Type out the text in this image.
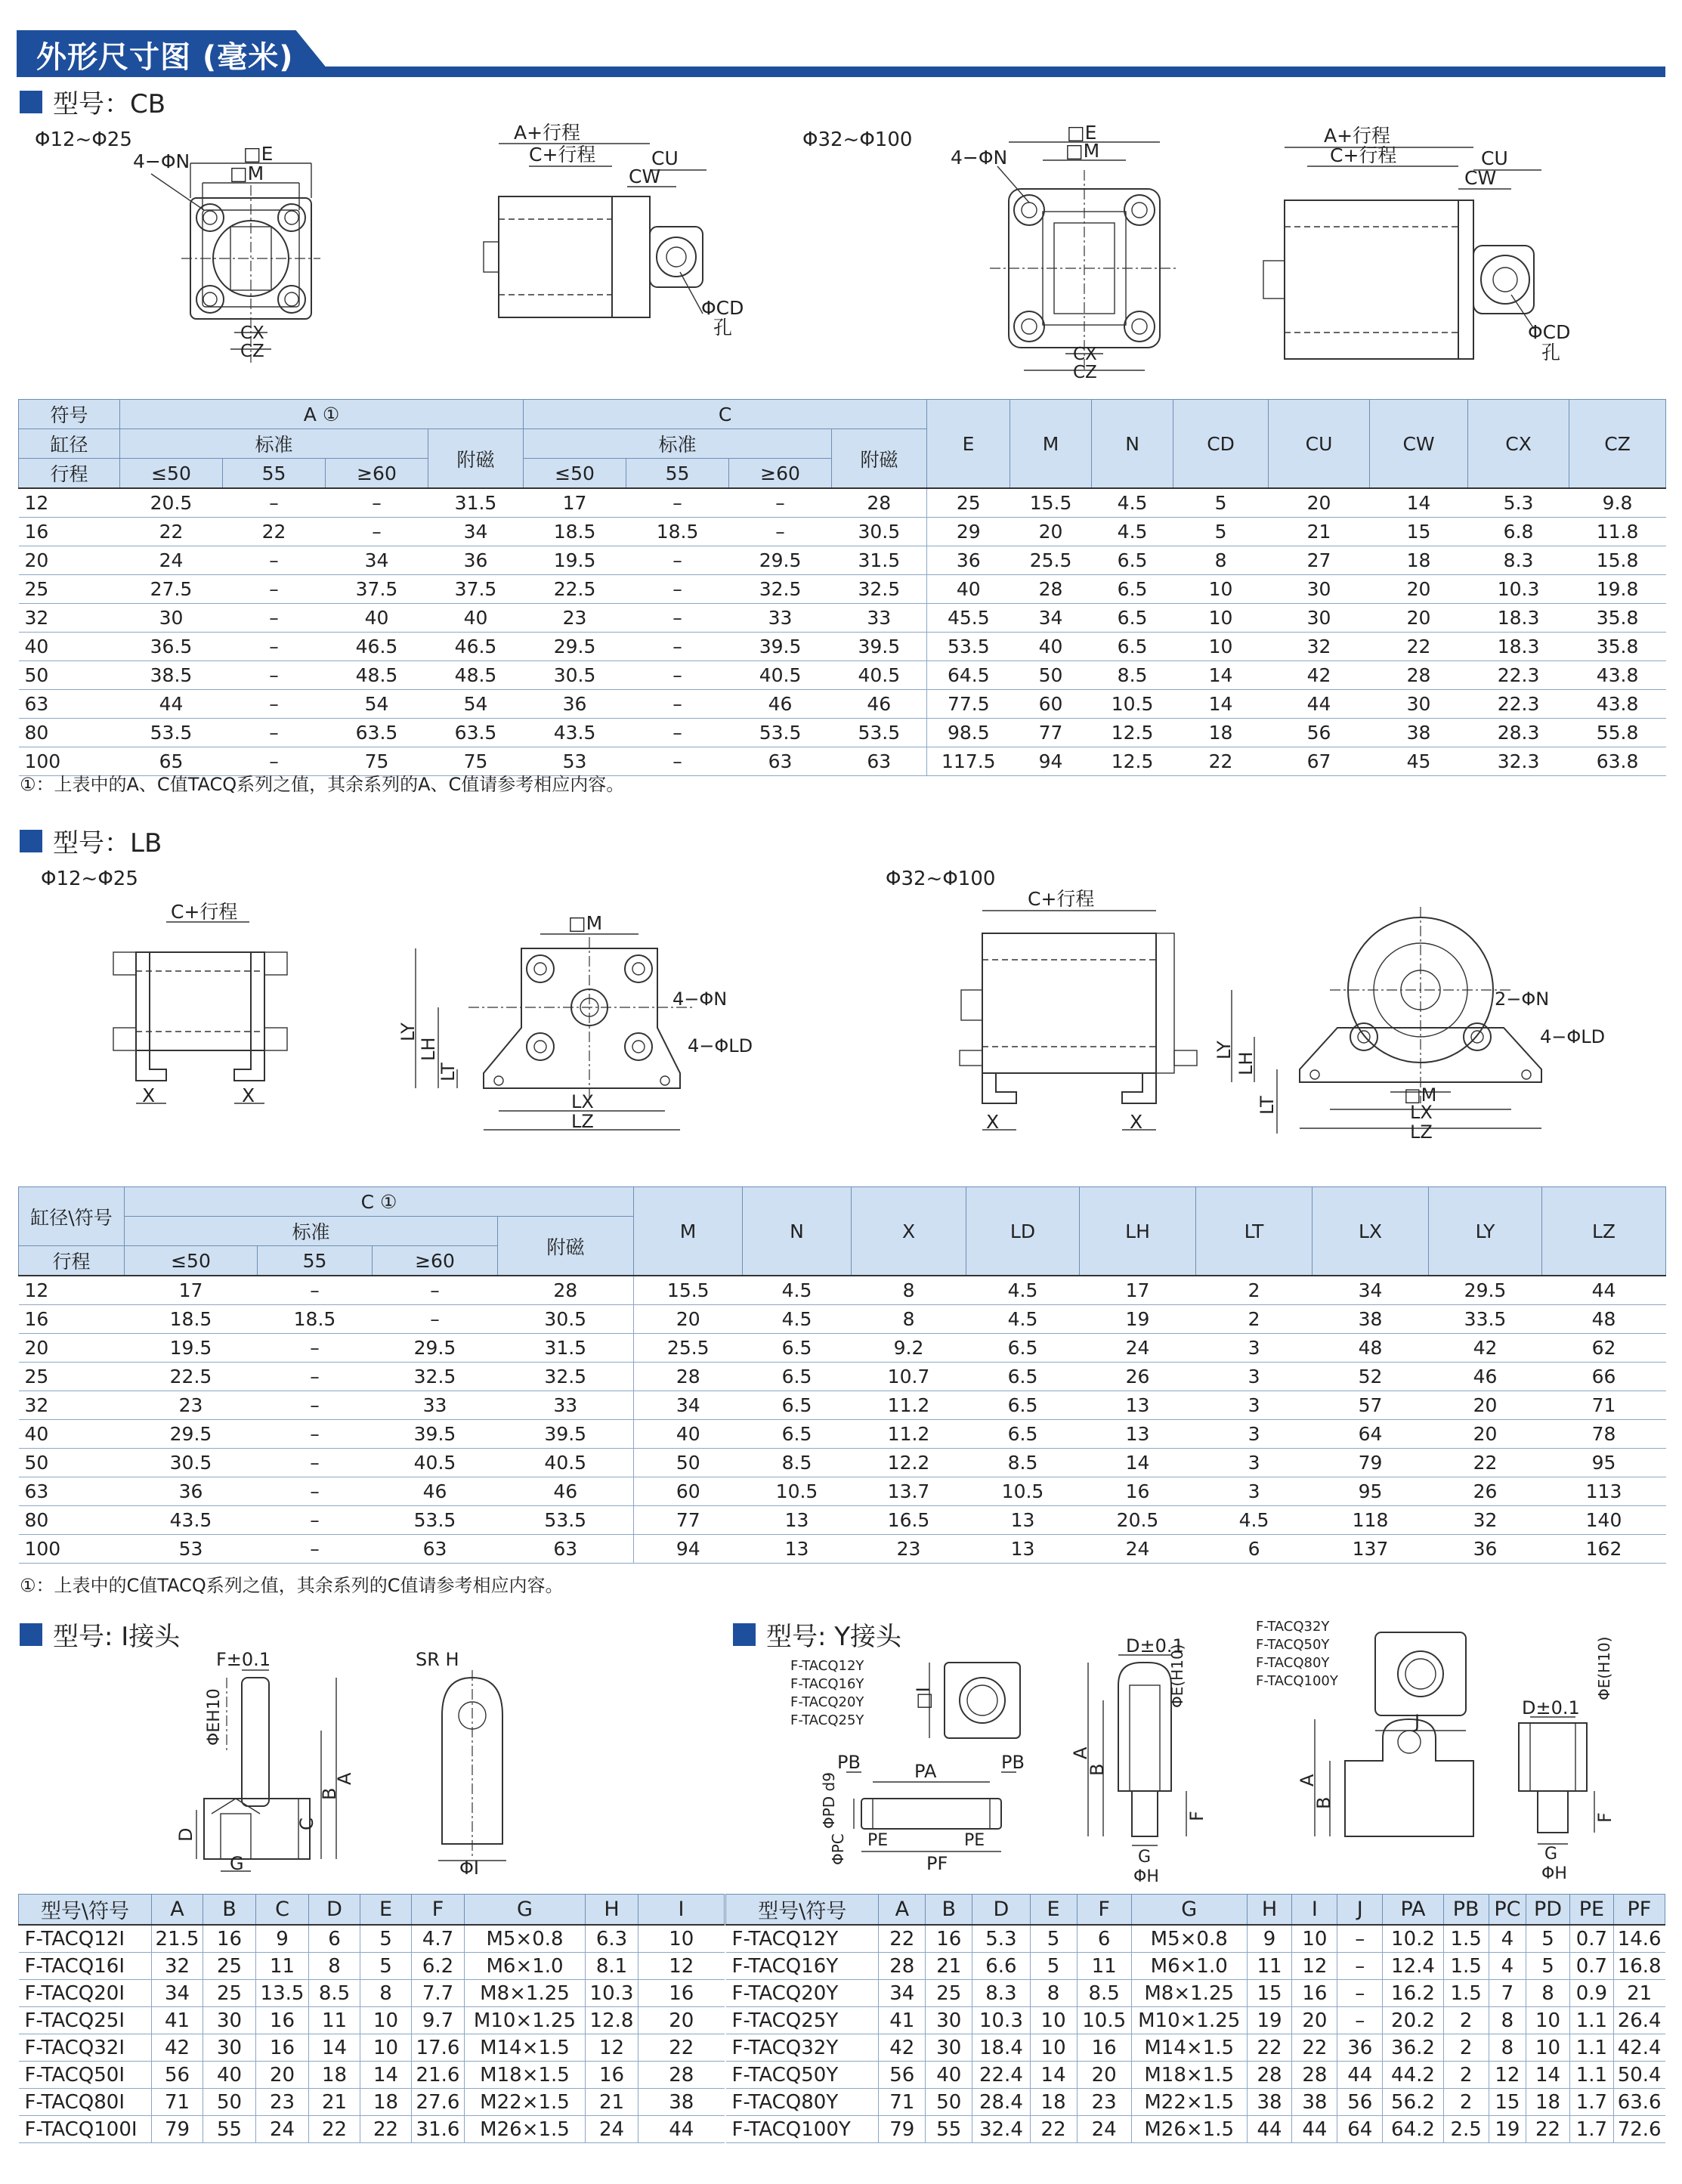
外形尺寸图 (毫米)
型号：CB
Φ12~Φ25	Φ32~Φ100
□E
□M
4−ΦN
CX
CZ
A+行程
C+行程	CU
CW
ΦCD
孔
□E
□M
4−ΦN
CX
CZ
A+行程
C+行程	CU
CW
ΦCD
孔
符号	A ①				C				E	M	N	CD	CU	CW	CX	CZ
缸径	标准			附磁	标准			附磁								
行程	≤50	55	≥60		≤50	55	≥60									
12	20.5	–	–	31.5	17	–	–	28	25	15.5	4.5	5	20	14	5.3	9.8
16	22	22	–	34	18.5	18.5	–	30.5	29	20	4.5	5	21	15	6.8	11.8
20	24	–	34	36	19.5	–	29.5	31.5	36	25.5	6.5	8	27	18	8.3	15.8
25	27.5	–	37.5	37.5	22.5	–	32.5	32.5	40	28	6.5	10	30	20	10.3	19.8
32	30	–	40	40	23	–	33	33	45.5	34	6.5	10	30	20	18.3	35.8
40	36.5	–	46.5	46.5	29.5	–	39.5	39.5	53.5	40	6.5	10	32	22	18.3	35.8
50	38.5	–	48.5	48.5	30.5	–	40.5	40.5	64.5	50	8.5	14	42	28	22.3	43.8
63	44	–	54	54	36	–	46	46	77.5	60	10.5	14	44	30	22.3	43.8
80	53.5	–	63.5	63.5	43.5	–	53.5	53.5	98.5	77	12.5	18	56	38	28.3	55.8
100	65	–	75	75	53	–	63	63	117.5	94	12.5	22	67	45	32.3	63.8
①：上表中的A、C值TACQ系列之值，其余系列的A、C值请参考相应内容。
型号：LB
Φ12~Φ25	Φ32~Φ100
C+行程
X	X
□M
4−ΦN
4−ΦLD
LY
LH
LT
LX
LZ
C+行程
X	X
2−ΦN
4−ΦLD
LY
LH
LT	□M
LX
LZ
缸径\符号	C ①				M	N	X	LD	LH	LT	LX	LY	LZ
	标准			附磁									
行程	≤50	55	≥60										
12	17	–	–	28	15.5	4.5	8	4.5	17	2	34	29.5	44
16	18.5	18.5	–	30.5	20	4.5	8	4.5	19	2	38	33.5	48
20	19.5	–	29.5	31.5	25.5	6.5	9.2	6.5	24	3	48	42	62
25	22.5	–	32.5	32.5	28	6.5	10.7	6.5	26	3	52	46	66
32	23	–	33	33	34	6.5	11.2	6.5	13	3	57	20	71
40	29.5	–	39.5	39.5	40	6.5	11.2	6.5	13	3	64	20	78
50	30.5	–	40.5	40.5	50	8.5	12.2	8.5	14	3	79	22	95
63	36	–	46	46	60	10.5	13.7	10.5	16	3	95	26	113
80	43.5	–	53.5	53.5	77	13	16.5	13	20.5	4.5	118	32	140
100	53	–	63	63	94	13	23	13	24	6	137	36	162
①：上表中的C值TACQ系列之值，其余系列的C值请参考相应内容。
型号: I接头
F±0.1
ΦEH10
A
B
C
D
G
SR H
ΦI
型号\符号	A	B	C	D	E	F	G	H	I
F-TACQ12I	21.5	16	9	6	5	4.7	M5×0.8	6.3	10
F-TACQ16I	32	25	11	8	5	6.2	M6×1.0	8.1	12
F-TACQ20I	34	25	13.5	8.5	8	7.7	M8×1.25	10.3	16
F-TACQ25I	41	30	16	11	10	9.7	M10×1.25	12.8	20
F-TACQ32I	42	30	16	14	10	17.6	M14×1.5	12	22
F-TACQ50I	56	40	20	18	14	21.6	M18×1.5	16	28
F-TACQ80I	71	50	23	21	18	27.6	M22×1.5	21	38
F-TACQ100I	79	55	24	22	22	31.6	M26×1.5	24	44
型号: Y接头
F-TACQ12Y
F-TACQ16Y
F-TACQ20Y
F-TACQ25Y
F-TACQ32Y
F-TACQ50Y
F-TACQ80Y
F-TACQ100Y
□I
PB	PA	PB
PE	PE
PF
ΦPD d9
ΦPC
D±0.1
ΦE(H10)
A
B
F
G
ΦH
J
A
B
D±0.1
ΦE(H10)
F
G
ΦH
型号\符号	A	B	D	E	F	G	H	I	J	PA	PB	PC	PD	PE	PF
F-TACQ12Y	22	16	5.3	5	6	M5×0.8	9	10	–	10.2	1.5	4	5	0.7	14.6
F-TACQ16Y	28	21	6.6	5	11	M6×1.0	11	12	–	12.4	1.5	4	5	0.7	16.8
F-TACQ20Y	34	25	8.3	8	8.5	M8×1.25	15	16	–	16.2	1.5	7	8	0.9	21
F-TACQ25Y	41	30	10.3	10	10.5	M10×1.25	19	20	–	20.2	2	8	10	1.1	26.4
F-TACQ32Y	42	30	18.4	10	16	M14×1.5	22	22	36	36.2	2	8	10	1.1	42.4
F-TACQ50Y	56	40	22.4	14	20	M18×1.5	28	28	44	44.2	2	12	14	1.1	50.4
F-TACQ80Y	71	50	28.4	18	23	M22×1.5	38	38	56	56.2	2	15	18	1.7	63.6
F-TACQ100Y	79	55	32.4	22	24	M26×1.5	44	44	64	64.2	2.5	19	22	1.7	72.6
